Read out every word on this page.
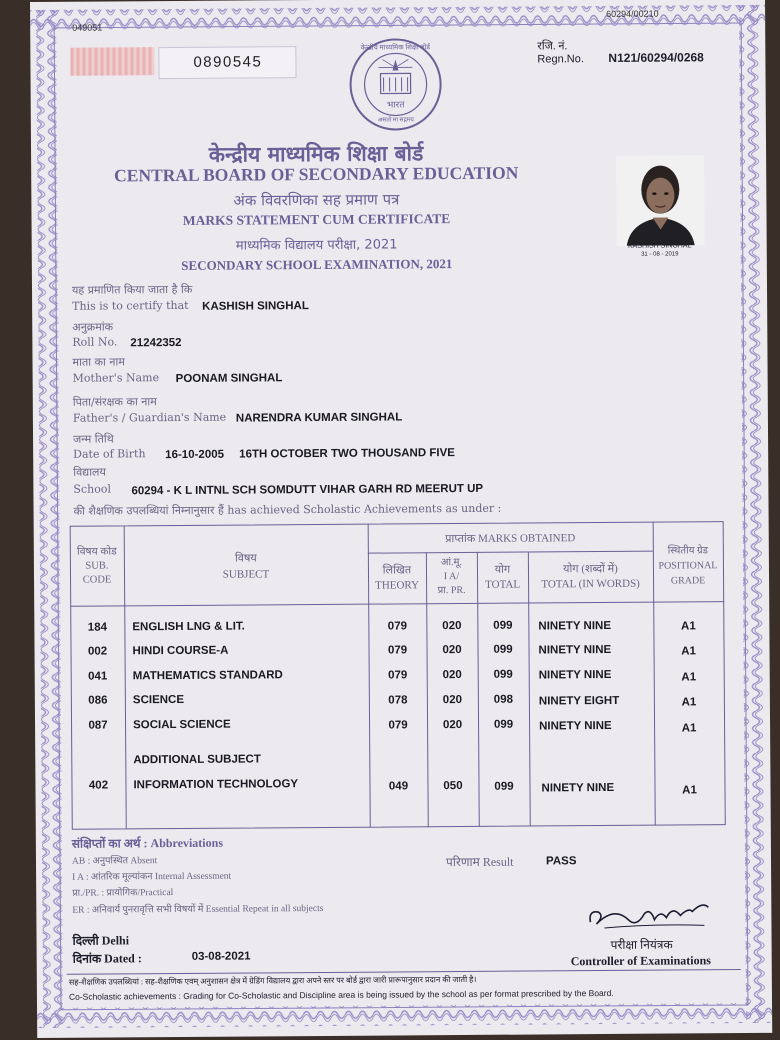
049051
60294/00210
0890545
केन्द्रीय माध्यमिक शिक्षा बोर्ड
भारत
असतो मा सद्गमय
रजि. नं.
Regn.No. N121/60294/0268
केन्द्रीय माध्यमिक शिक्षा बोर्ड
CENTRAL BOARD OF SECONDARY EDUCATION
अंक विवरणिका सह प्रमाण पत्र
MARKS STATEMENT CUM CERTIFICATE
माध्यमिक विद्यालय परीक्षा, 2021
SECONDARY SCHOOL EXAMINATION, 2021
KASHISH SINGHAL
31 - 08 - 2019
यह प्रमाणित किया जाता है कि
This is to certify that KASHISH SINGHAL
अनुक्रमांक
Roll No. 21242352
माता का नाम
Mother's Name POONAM SINGHAL
पिता/संरक्षक का नाम
Father's / Guardian's Name NARENDRA KUMAR SINGHAL
जन्म तिथि
Date of Birth 16-10-2005 16TH OCTOBER TWO THOUSAND FIVE
विद्यालय
School 60294 - K L INTNL SCH SOMDUTT VIHAR GARH RD MEERUT UP
की शैक्षणिक उपलब्धियां निम्नानुसार हैं has achieved Scholastic Achievements as under :
विषय कोड
SUB.
CODE
विषय
SUBJECT
प्राप्तांक MARKS OBTAINED
लिखित
THEORY
आं.मू.
I A/
प्रा. PR.
योग
TOTAL
योग (शब्दों में)
TOTAL (IN WORDS)
स्थितीय ग्रेड
POSITIONAL
GRADE
184	ENGLISH LNG & LIT.	079	020	099	NINETY NINE	A1
002	HINDI COURSE-A	079	020	099	NINETY NINE	A1
041	MATHEMATICS STANDARD	079	020	099	NINETY NINE	A1
086	SCIENCE	078	020	098	NINETY EIGHT	A1
087	SOCIAL SCIENCE	079	020	099	NINETY NINE	A1
ADDITIONAL SUBJECT
402	INFORMATION TECHNOLOGY	049	050	099	NINETY NINE	A1
संक्षिप्तों का अर्थ : Abbreviations
AB : अनुपस्थित Absent
I A : आंतरिक मूल्यांकन Internal Assessment
प्रा./PR. : प्रायोगिक/Practical
ER : अनिवार्य पुनरावृत्ति सभी विषयों में Essential Repeat in all subjects
परिणाम Result	PASS
दिल्ली Delhi
दिनांक Dated :	03-08-2021
परीक्षा नियंत्रक
Controller of Examinations
सह-शैक्षणिक उपलब्धियां : सह-शैक्षणिक एवम् अनुशासन क्षेत्र में ग्रेडिंग विद्यालय द्वारा अपने स्तर पर बोर्ड द्वारा जारी प्रारूपानुसार प्रदान की जाती है।
Co-Scholastic achievements : Grading for Co-Scholastic and Discipline area is being issued by the school as per format prescribed by the Board.
